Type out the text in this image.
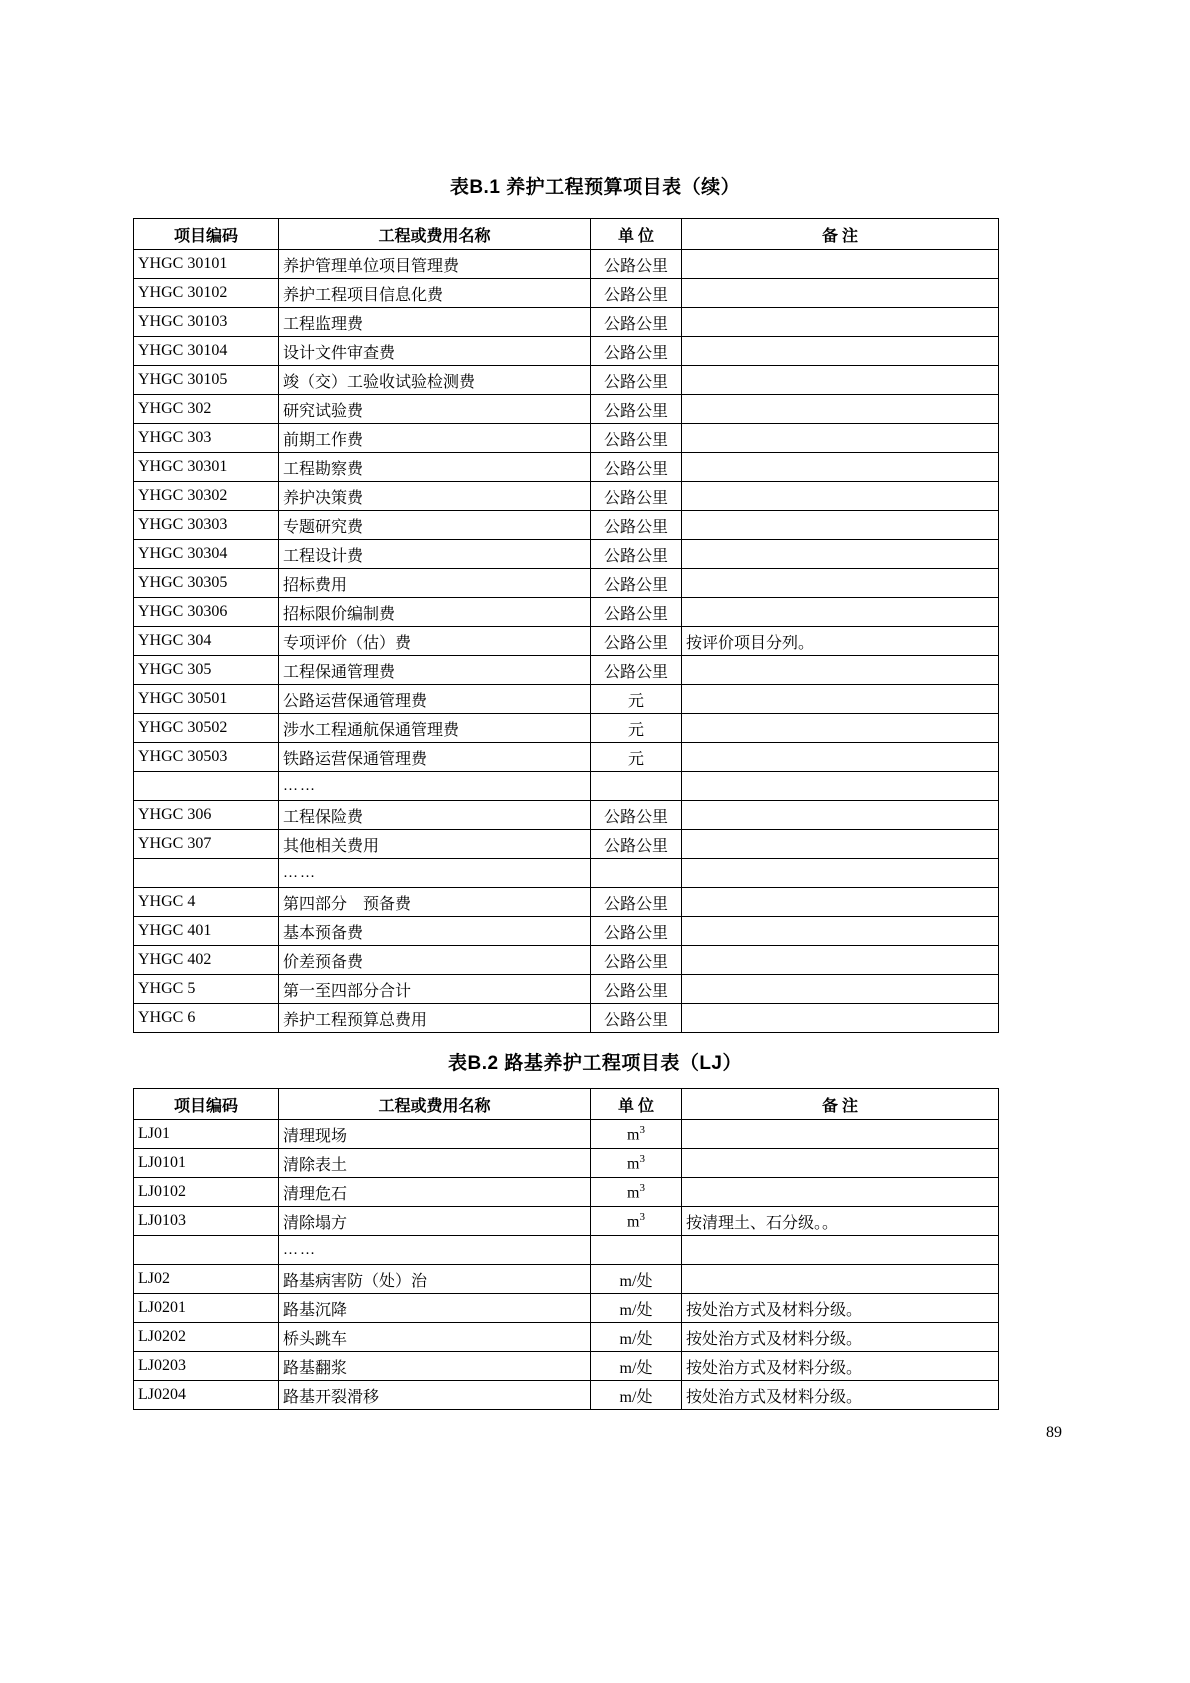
表B.1 养护工程预算项目表（续）
项目编码	工程或费用名称	单 位	备 注
YHGC 30101	养护管理单位项目管理费	公路公里	
YHGC 30102	养护工程项目信息化费	公路公里	
YHGC 30103	工程监理费	公路公里	
YHGC 30104	设计文件审查费	公路公里	
YHGC 30105	竣（交）工验收试验检测费	公路公里	
YHGC 302	研究试验费	公路公里	
YHGC 303	前期工作费	公路公里	
YHGC 30301	工程勘察费	公路公里	
YHGC 30302	养护决策费	公路公里	
YHGC 30303	专题研究费	公路公里	
YHGC 30304	工程设计费	公路公里	
YHGC 30305	招标费用	公路公里	
YHGC 30306	招标限价编制费	公路公里	
YHGC 304	专项评价（估）费	公路公里	按评价项目分列。
YHGC 305	工程保通管理费	公路公里	
YHGC 30501	公路运营保通管理费	元	
YHGC 30502	涉水工程通航保通管理费	元	
YHGC 30503	铁路运营保通管理费	元	
	……		
YHGC 306	工程保险费	公路公里	
YHGC 307	其他相关费用	公路公里	
	……		
YHGC 4	第四部分　预备费	公路公里	
YHGC 401	基本预备费	公路公里	
YHGC 402	价差预备费	公路公里	
YHGC 5	第一至四部分合计	公路公里	
YHGC 6	养护工程预算总费用	公路公里	
表B.2 路基养护工程项目表（LJ）
项目编码	工程或费用名称	单 位	备 注
LJ01	清理现场	$m^3$	
LJ0101	清除表土	$m^3$	
LJ0102	清理危石	$m^3$	
LJ0103	清除塌方	$m^3$	按清理土、石分级。。
	……		
LJ02	路基病害防（处）治	m/处	
LJ0201	路基沉降	m/处	按处治方式及材料分级。
LJ0202	桥头跳车	m/处	按处治方式及材料分级。
LJ0203	路基翻浆	m/处	按处治方式及材料分级。
LJ0204	路基开裂滑移	m/处	按处治方式及材料分级。
89
